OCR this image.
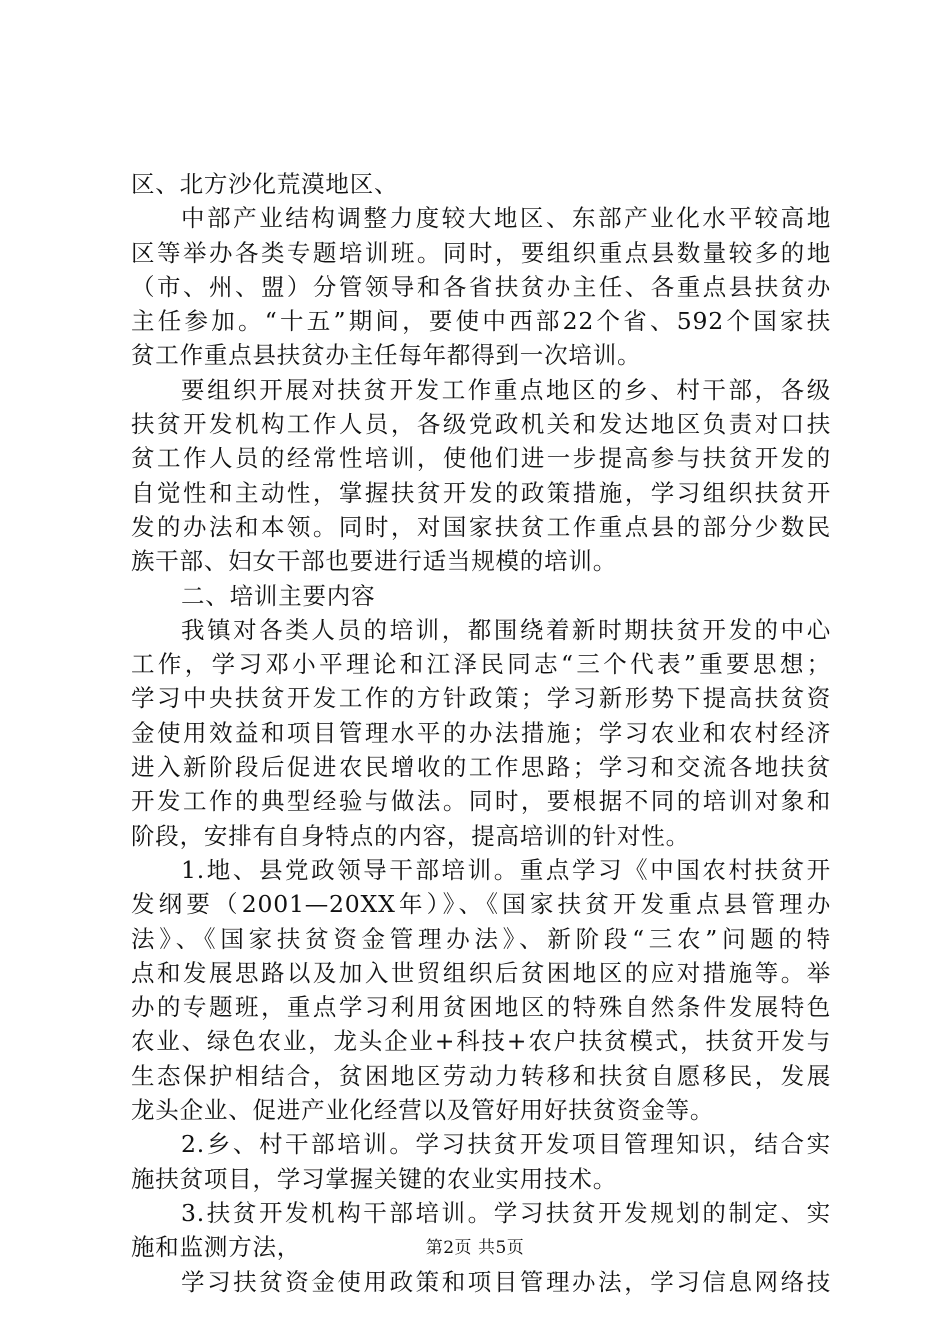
区、北方沙化荒漠地区、
中部产业结构调整力度较大地区、东部产业化水平较高地
区等举办各类专题培训班。同时，要组织重点县数量较多的地
（市、州、盟）分管领导和各省扶贫办主任、各重点县扶贫办
主任参加。“十五”期间，要使中西部22个省、592个国家扶
贫工作重点县扶贫办主任每年都得到一次培训。
要组织开展对扶贫开发工作重点地区的乡、村干部，各级
扶贫开发机构工作人员，各级党政机关和发达地区负责对口扶
贫工作人员的经常性培训，使他们进一步提高参与扶贫开发的
自觉性和主动性，掌握扶贫开发的政策措施，学习组织扶贫开
发的办法和本领。同时，对国家扶贫工作重点县的部分少数民
族干部、妇女干部也要进行适当规模的培训。
二、培训主要内容
我镇对各类人员的培训，都围绕着新时期扶贫开发的中心
工作，学习邓小平理论和江泽民同志“三个代表”重要思想；
学习中央扶贫开发工作的方针政策；学习新形势下提高扶贫资
金使用效益和项目管理水平的办法措施；学习农业和农村经济
进入新阶段后促进农民增收的工作思路；学习和交流各地扶贫
开发工作的典型经验与做法。同时，要根据不同的培训对象和
阶段，安排有自身特点的内容，提高培训的针对性。
1.地、县党政领导干部培训。重点学习《中国农村扶贫开
发纲要（2001—20XX年）》、《国家扶贫开发重点县管理办
法》、《国家扶贫资金管理办法》、新阶段“三农”问题的特
点和发展思路以及加入世贸组织后贫困地区的应对措施等。举
办的专题班，重点学习利用贫困地区的特殊自然条件发展特色
农业、绿色农业，龙头企业+科技+农户扶贫模式，扶贫开发与
生态保护相结合，贫困地区劳动力转移和扶贫自愿移民，发展
龙头企业、促进产业化经营以及管好用好扶贫资金等。
2.乡、村干部培训。学习扶贫开发项目管理知识，结合实
施扶贫项目，学习掌握关键的农业实用技术。
3.扶贫开发机构干部培训。学习扶贫开发规划的制定、实
施和监测方法，
学习扶贫资金使用政策和项目管理办法，学习信息网络技
第2页 共5页
